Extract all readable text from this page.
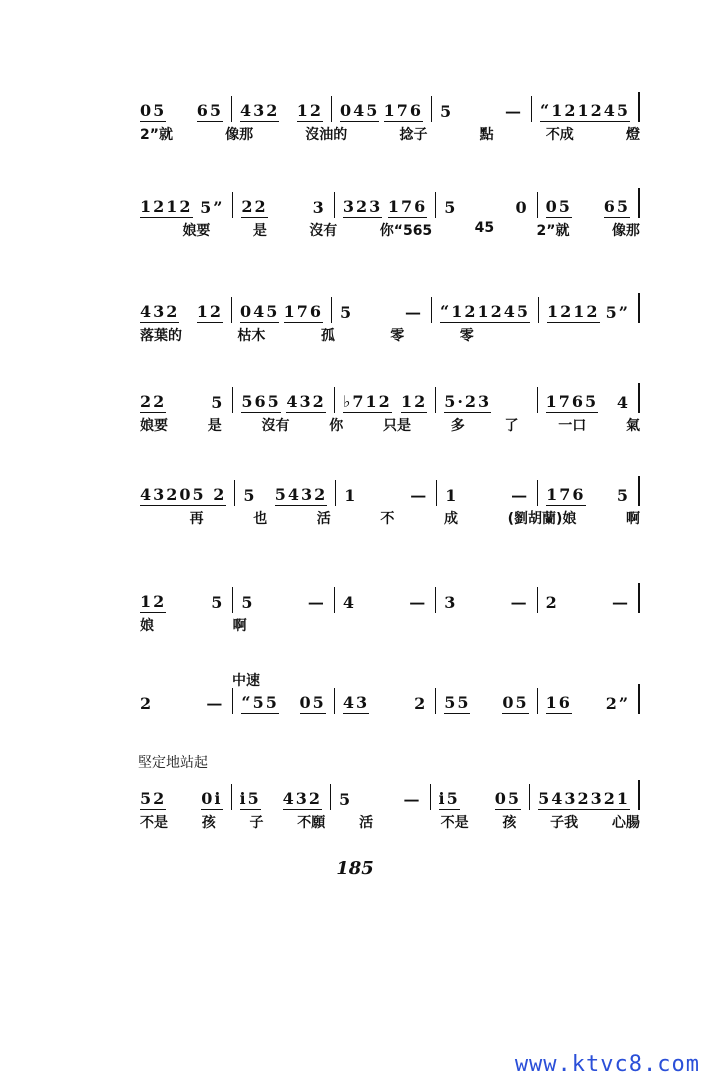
05 65 432 12 045 176 5	— “1212 45
2”就	像那	沒油的	捻子	點	不成	燈
1212 5” 22	3 323 176 5	0 05 65
娘要	是	沒有	你“565	45	2”就	像那
432 12 045 176 5	— “1212 45 1212 5”
落葉的	枯木	孤	零	零
22	5 565 432 ♭712 12 5·23	1765 4
娘要	是	沒有	你	只是	多	了	一口	氣
432 05 2 5 5432 1	— 1	— 176 5
再	也	活	不	成	(劉胡蘭)娘	啊
12	5 5	— 4	— 3	— 2	—
娘	啊
2	— “55 05 43	2 55 05 16 2”
52 0i i5 432 5	— i5 05 543 2321
不是 孩 子 不願 活	不是 孩 子我 心腸
中速
堅定地站起
185
www.ktvc8.com
